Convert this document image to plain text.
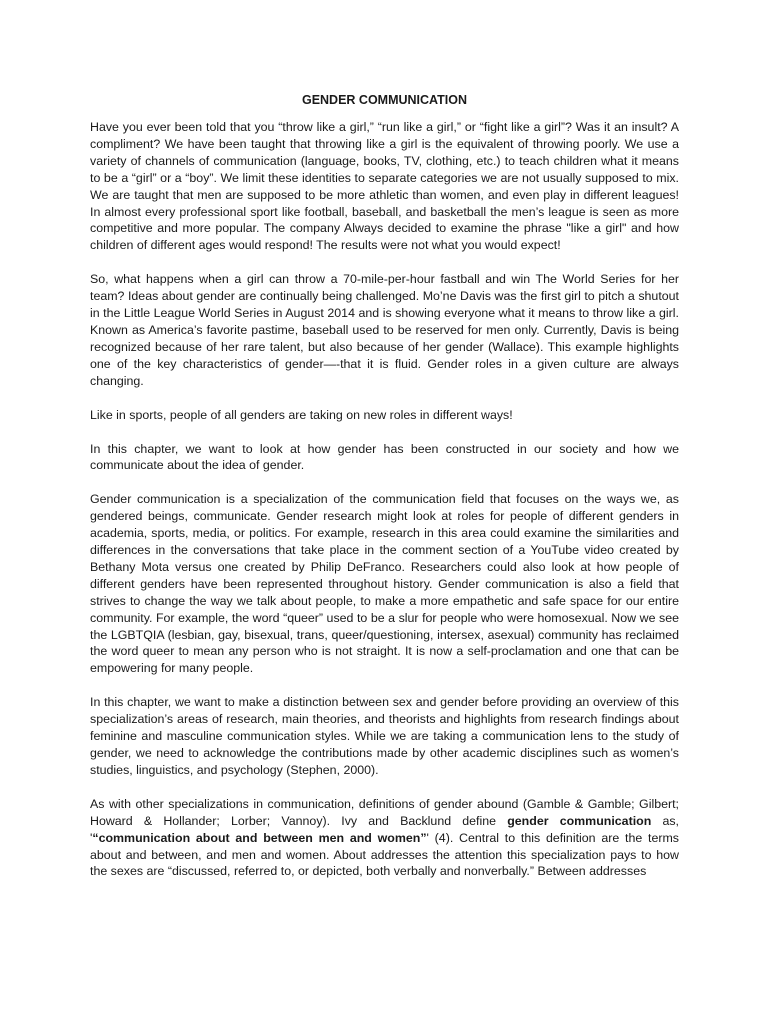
GENDER COMMUNICATION

Have you ever been told that you “throw like a girl,” “run like a girl,” or “fight like a girl”? Was it an insult? A compliment? We have been taught that throwing like a girl is the equivalent of throwing poorly. We use a variety of channels of communication (language, books, TV, clothing, etc.) to teach children what it means to be a “girl” or a “boy”. We limit these identities to separate categories we are not usually supposed to mix. We are taught that men are supposed to be more athletic than women, and even play in different leagues! In almost every professional sport like football, baseball, and basketball the men’s league is seen as more competitive and more popular. The company Always decided to examine the phrase "like a girl" and how children of different ages would respond! The results were not what you would expect!

So, what happens when a girl can throw a 70-mile-per-hour fastball and win The World Series for her team? Ideas about gender are continually being challenged. Mo’ne Davis was the first girl to pitch a shutout in the Little League World Series in August 2014 and is showing everyone what it means to throw like a girl. Known as America’s favorite pastime, baseball used to be reserved for men only. Currently, Davis is being recognized because of her rare talent, but also because of her gender (Wallace). This example highlights one of the key characteristics of gender—-that it is fluid. Gender roles in a given culture are always changing.

Like in sports, people of all genders are taking on new roles in different ways!

In this chapter, we want to look at how gender has been constructed in our society and how we communicate about the idea of gender.

Gender communication is a specialization of the communication field that focuses on the ways we, as gendered beings, communicate. Gender research might look at roles for people of different genders in academia, sports, media, or politics. For example, research in this area could examine the similarities and differences in the conversations that take place in the comment section of a YouTube video created by Bethany Mota versus one created by Philip DeFranco. Researchers could also look at how people of different genders have been represented throughout history. Gender communication is also a field that strives to change the way we talk about people, to make a more empathetic and safe space for our entire community. For example, the word “queer” used to be a slur for people who were homosexual. Now we see the LGBTQIA (lesbian, gay, bisexual, trans, queer/questioning, intersex, asexual) community has reclaimed the word queer to mean any person who is not straight. It is now a self-proclamation and one that can be empowering for many people.

In this chapter, we want to make a distinction between sex and gender before providing an overview of this specialization’s areas of research, main theories, and theorists and highlights from research findings about feminine and masculine communication styles. While we are taking a communication lens to the study of gender, we need to acknowledge the contributions made by other academic disciplines such as women’s studies, linguistics, and psychology (Stephen, 2000).

As with other specializations in communication, definitions of gender abound (Gamble & Gamble; Gilbert; Howard & Hollander; Lorber; Vannoy). Ivy and Backlund define gender communication as, '“communication about and between men and women”' (4). Central to this definition are the terms about and between, and men and women. About addresses the attention this specialization pays to how the sexes are “discussed, referred to, or depicted, both verbally and nonverbally.” Between addresses
